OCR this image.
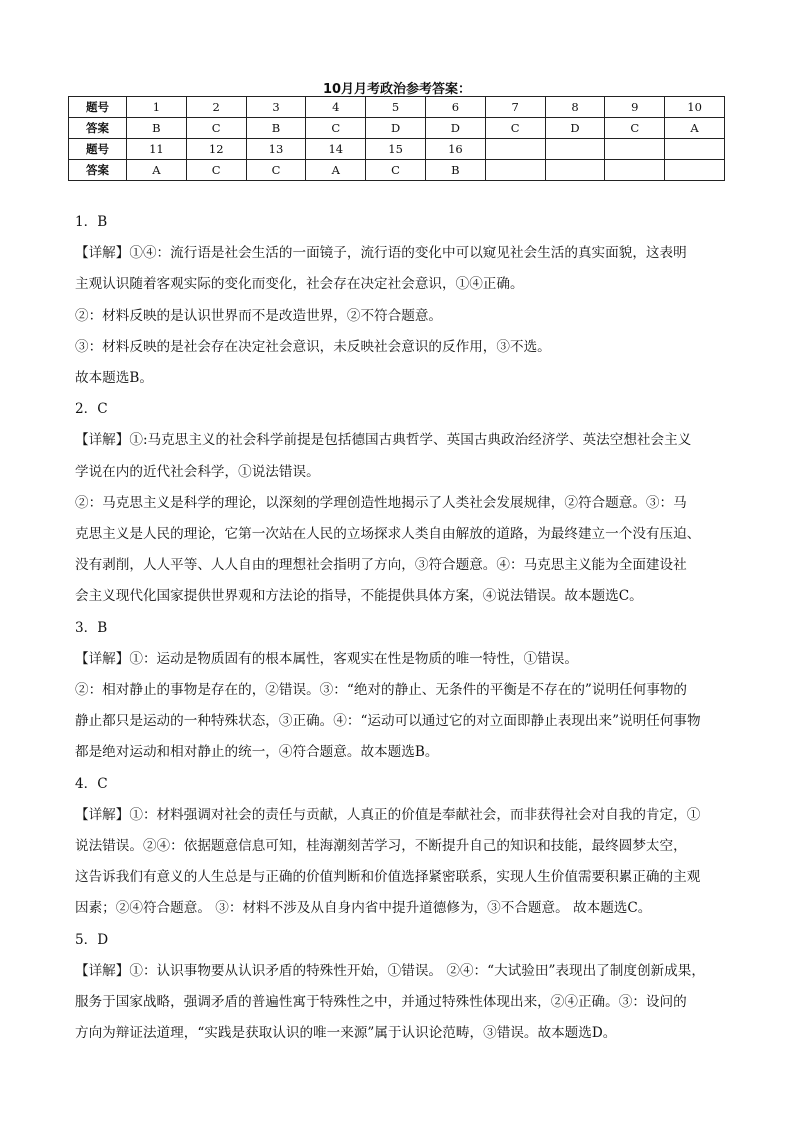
10月月考政治参考答案：
题号	1	2	3	4	5	6	7	8	9	10
答案	B	C	B	C	D	D	C	D	C	A
题号	11	12	13	14	15	16				
答案	A	C	C	A	C	B				

1．B

【详解】①④：流行语是社会生活的一面镜子，流行语的变化中可以窥见社会生活的真实面貌，这表明

主观认识随着客观实际的变化而变化，社会存在决定社会意识，①④正确。

②：材料反映的是认识世界而不是改造世界，②不符合题意。

③：材料反映的是社会存在决定社会意识，未反映社会意识的反作用，③不选。

故本题选B。

2．C

【详解】①:马克思主义的社会科学前提是包括德国古典哲学、英国古典政治经济学、英法空想社会主义

学说在内的近代社会科学，①说法错误。

②：马克思主义是科学的理论，以深刻的学理创造性地揭示了人类社会发展规律，②符合题意。③：马

克思主义是人民的理论，它第一次站在人民的立场探求人类自由解放的道路，为最终建立一个没有压迫、

没有剥削，人人平等、人人自由的理想社会指明了方向，③符合题意。④：马克思主义能为全面建设社

会主义现代化国家提供世界观和方法论的指导，不能提供具体方案，④说法错误。故本题选C。

3．B

【详解】①：运动是物质固有的根本属性，客观实在性是物质的唯一特性，①错误。

②：相对静止的事物是存在的，②错误。③：“绝对的静止、无条件的平衡是不存在的”说明任何事物的

静止都只是运动的一种特殊状态，③正确。④：“运动可以通过它的对立面即静止表现出来”说明任何事物

都是绝对运动和相对静止的统一，④符合题意。故本题选B。

4．C

【详解】①：材料强调对社会的责任与贡献，人真正的价值是奉献社会，而非获得社会对自我的肯定，①

说法错误。②④：依据题意信息可知，桂海潮刻苦学习，不断提升自己的知识和技能，最终圆梦太空，

这告诉我们有意义的人生总是与正确的价值判断和价值选择紧密联系，实现人生价值需要积累正确的主观

因素；②④符合题意。 ③：材料不涉及从自身内省中提升道德修为，③不合题意。 故本题选C。

5．D

【详解】①：认识事物要从认识矛盾的特殊性开始，①错误。 ②④：“大试验田”表现出了制度创新成果，

服务于国家战略，强调矛盾的普遍性寓于特殊性之中，并通过特殊性体现出来，②④正确。③：设问的

方向为辩证法道理，“实践是获取认识的唯一来源”属于认识论范畴，③错误。故本题选D。
